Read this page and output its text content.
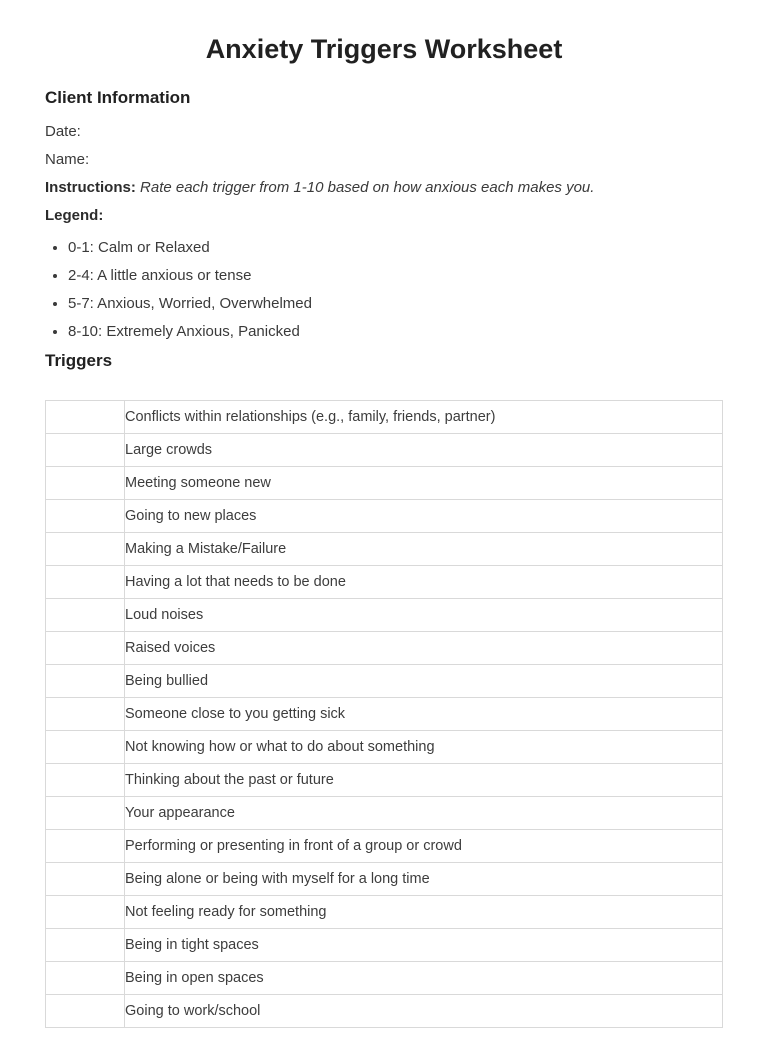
Anxiety Triggers Worksheet
Client Information

Date:

Name:

Instructions: Rate each trigger from 1-10 based on how anxious each makes you.

Legend:

• 0-1: Calm or Relaxed
• 2-4: A little anxious or tense
• 5-7: Anxious, Worried, Overwhelmed
• 8-10: Extremely Anxious, Panicked
Triggers
	Conflicts within relationships (e.g., family, friends, partner)
	Large crowds
	Meeting someone new
	Going to new places
	Making a Mistake/Failure
	Having a lot that needs to be done
	Loud noises
	Raised voices
	Being bullied
	Someone close to you getting sick
	Not knowing how or what to do about something
	Thinking about the past or future
	Your appearance
	Performing or presenting in front of a group or crowd
	Being alone or being with myself for a long time
	Not feeling ready for something
	Being in tight spaces
	Being in open spaces
	Going to work/school
